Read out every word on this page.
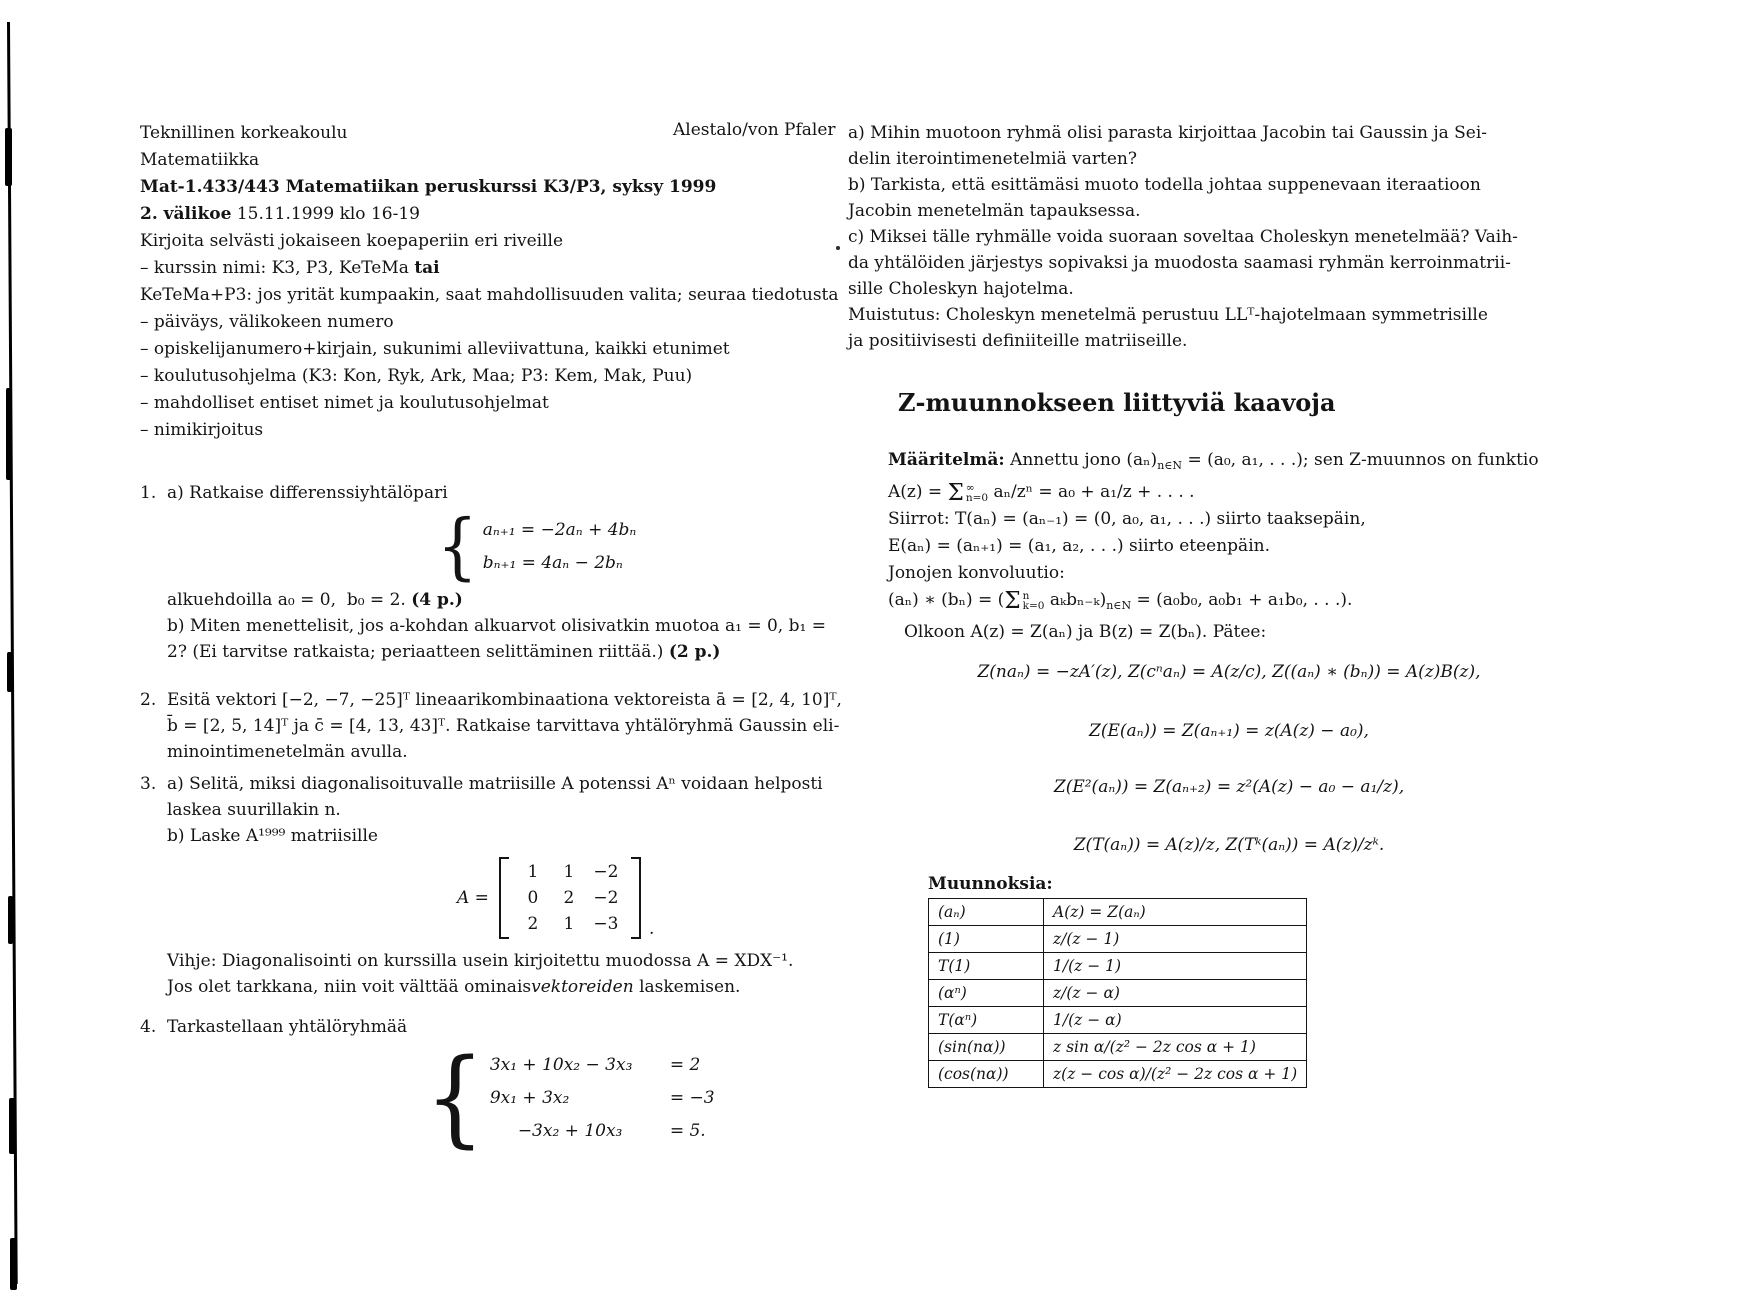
Alestalo/von Pfaler
Teknillinen korkeakoulu
Matematiikka
Mat-1.433/443 Matematiikan peruskurssi K3/P3, syksy 1999
2. välikoe 15.11.1999 klo 16-19
Kirjoita selvästi jokaiseen koepaperiin eri riveille
– kurssin nimi: K3, P3, KeTeMa tai
KeTeMa+P3: jos yrität kumpaakin, saat mahdollisuuden valita; seuraa tiedotusta
– päiväys, välikokeen numero
– opiskelijanumero+kirjain, sukunimi alleviivattuna, kaikki etunimet
– koulutusohjelma (K3: Kon, Ryk, Ark, Maa; P3: Kem, Mak, Puu)
– mahdolliset entiset nimet ja koulutusohjelmat
– nimikirjoitus
1. a) Ratkaise differenssiyhtälöpari
{ aₙ₊₁ = −2aₙ + 4bₙ
bₙ₊₁ = 4aₙ − 2bₙ
alkuehdoilla a₀ = 0,  b₀ = 2. (4 p.)
b) Miten menettelisit, jos a-kohdan alkuarvot olisivatkin muotoa a₁ = 0, b₁ =
2? (Ei tarvitse ratkaista; periaatteen selittäminen riittää.) (2 p.)
2. Esitä vektori [−2, −7, −25]ᵀ lineaarikombinaationa vektoreista ā = [2, 4, 10]ᵀ,
b̄ = [2, 5, 14]ᵀ ja c̄ = [4, 13, 43]ᵀ. Ratkaise tarvittava yhtälöryhmä Gaussin eli-
minointimenetelmän avulla.
3. a) Selitä, miksi diagonalisoituvalle matriisille A potenssi Aⁿ voidaan helposti
laskea suurillakin n.
b) Laske A¹⁹⁹⁹ matriisille
A =
1	1	−2
0	2	−2
2	1	−3	.
Vihje: Diagonalisointi on kurssilla usein kirjoitettu muodossa A = XDX⁻¹.
Jos olet tarkkana, niin voit välttää ominaisvektoreiden laskemisen.
4. Tarkastellaan yhtälöryhmää
{ 3x₁ + 10x₂ − 3x₃	= 2
9x₁ + 3x₂	= −3
−3x₂ + 10x₃	= 5.
a) Mihin muotoon ryhmä olisi parasta kirjoittaa Jacobin tai Gaussin ja Sei-
delin iterointimenetelmiä varten?
b) Tarkista, että esittämäsi muoto todella johtaa suppenevaan iteraatioon
Jacobin menetelmän tapauksessa.
c) Miksei tälle ryhmälle voida suoraan soveltaa Choleskyn menetelmää? Vaih-
da yhtälöiden järjestys sopivaksi ja muodosta saamasi ryhmän kerroinmatrii-
sille Choleskyn hajotelma.
Muistutus: Choleskyn menetelmä perustuu LLᵀ-hajotelmaan symmetrisille
ja positiivisesti definiiteille matriiseille.
Z-muunnokseen liittyviä kaavoja
Määritelmä: Annettu jono $(a_n)_{n\in N} = (a_0$, a₁, . . .); sen Z-muunnos on funktio
A(z) = Σ ∞
n=0 aₙ/zⁿ = a₀ + a₁/z + . . . .
Siirrot: T(aₙ) = (aₙ₋₁) = (0, a₀, a₁, . . .) siirto taaksepäin,
E(aₙ) = (aₙ₊₁) = (a₁, a₂, . . .) siirto eteenpäin.
Jonojen konvoluutio:
(aₙ) ∗ (bₙ) = ( Σ n
k=0 $a_kb_{n-k})_{n\in N} = (a_0b_0$, a₀b₁ + a₁b₀, . . .).
Olkoon A(z) = Z(aₙ) ja B(z) = Z(bₙ). Pätee:
Z(naₙ) = −zA′(z), Z(cⁿaₙ) = A(z/c), Z((aₙ) ∗ (bₙ)) = A(z)B(z),
Z(E(aₙ)) = Z(aₙ₊₁) = z(A(z) − a₀),
Z(E²(aₙ)) = Z(aₙ₊₂) = z²(A(z) − a₀ − a₁/z),
Z(T(aₙ)) = A(z)/z, Z(Tᵏ(aₙ)) = A(z)/zᵏ.
Muunnoksia:
(aₙ)	A(z) = Z(aₙ)
(1)	z/(z − 1)
T(1)	1/(z − 1)
(αⁿ)	z/(z − α)
T(αⁿ)	1/(z − α)
(sin(nα))	z sin α/(z² − 2z cos α + 1)
(cos(nα))	z(z − cos α)/(z² − 2z cos α + 1)
